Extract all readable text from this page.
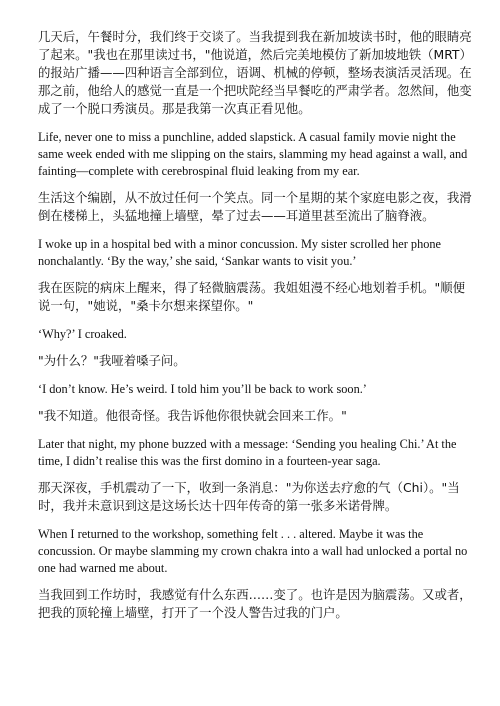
几天后，午餐时分，我们终于交谈了。当我提到我在新加坡读书时，他的眼睛亮了起来。"我也在那里读过书，"他说道，然后完美地模仿了新加坡地铁（MRT）的报站广播——四种语言全部到位，语调、机械的停顿，整场表演活灵活现。在那之前，他给人的感觉一直是一个把吠陀经当早餐吃的严肃学者。忽然间，他变成了一个脱口秀演员。那是我第一次真正看见他。

Life, never one to miss a punchline, added slapstick. A casual family movie night the same week ended with me slipping on the stairs, slamming my head against a wall, and fainting—complete with cerebrospinal fluid leaking from my ear.

生活这个编剧，从不放过任何一个笑点。同一个星期的某个家庭电影之夜，我滑倒在楼梯上，头猛地撞上墙壁，晕了过去——耳道里甚至流出了脑脊液。

I woke up in a hospital bed with a minor concussion. My sister scrolled her phone nonchalantly. ‘By the way,’ she said, ‘Sankar wants to visit you.’

我在医院的病床上醒来，得了轻微脑震荡。我姐姐漫不经心地划着手机。"顺便说一句，"她说，"桑卡尔想来探望你。"

‘Why?’ I croaked.

"为什么？"我哑着嗓子问。

‘I don’t know. He’s weird. I told him you’ll be back to work soon.’

"我不知道。他很奇怪。我告诉他你很快就会回来工作。"

Later that night, my phone buzzed with a message: ‘Sending you healing Chi.’ At the time, I didn’t realise this was the first domino in a fourteen-year saga.

那天深夜，手机震动了一下，收到一条消息："为你送去疗愈的气（Chi）。"当时，我并未意识到这是这场长达十四年传奇的第一张多米诺骨牌。

When I returned to the workshop, something felt . . . altered. Maybe it was the concussion. Or maybe slamming my crown chakra into a wall had unlocked a portal no one had warned me about.

当我回到工作坊时，我感觉有什么东西……变了。也许是因为脑震荡。又或者，把我的顶轮撞上墙壁，打开了一个没人警告过我的门户。
